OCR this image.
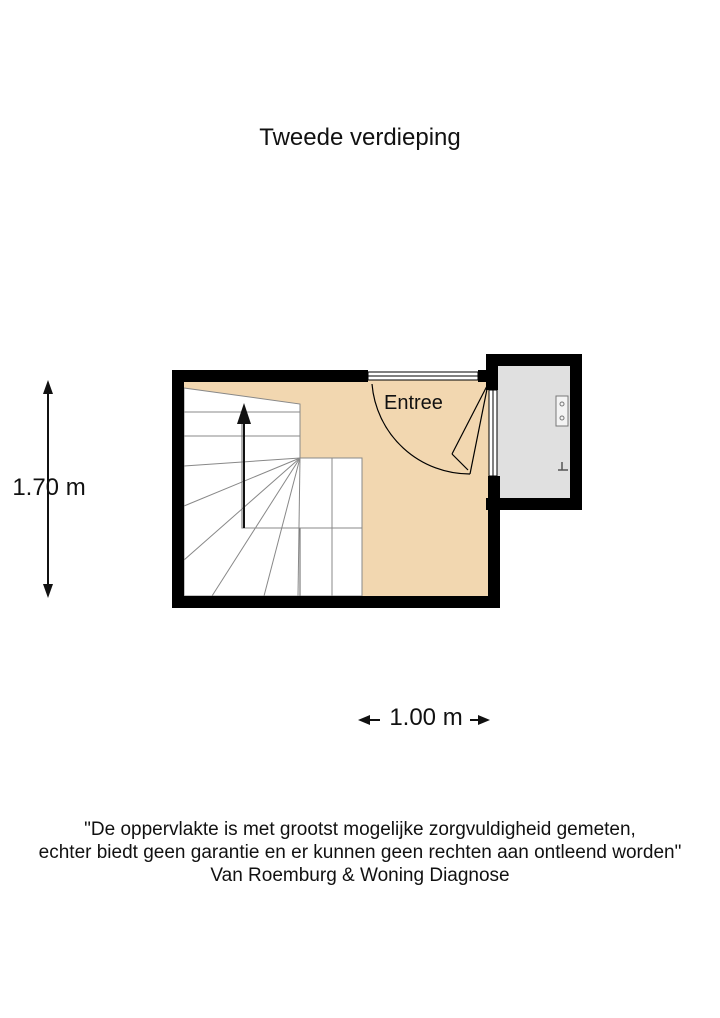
Tweede verdieping
1.70 m
1.00 m
Entree
"De oppervlakte is met grootst mogelijke zorgvuldigheid gemeten,
echter biedt geen garantie en er kunnen geen rechten aan ontleend worden"
Van Roemburg & Woning Diagnose
